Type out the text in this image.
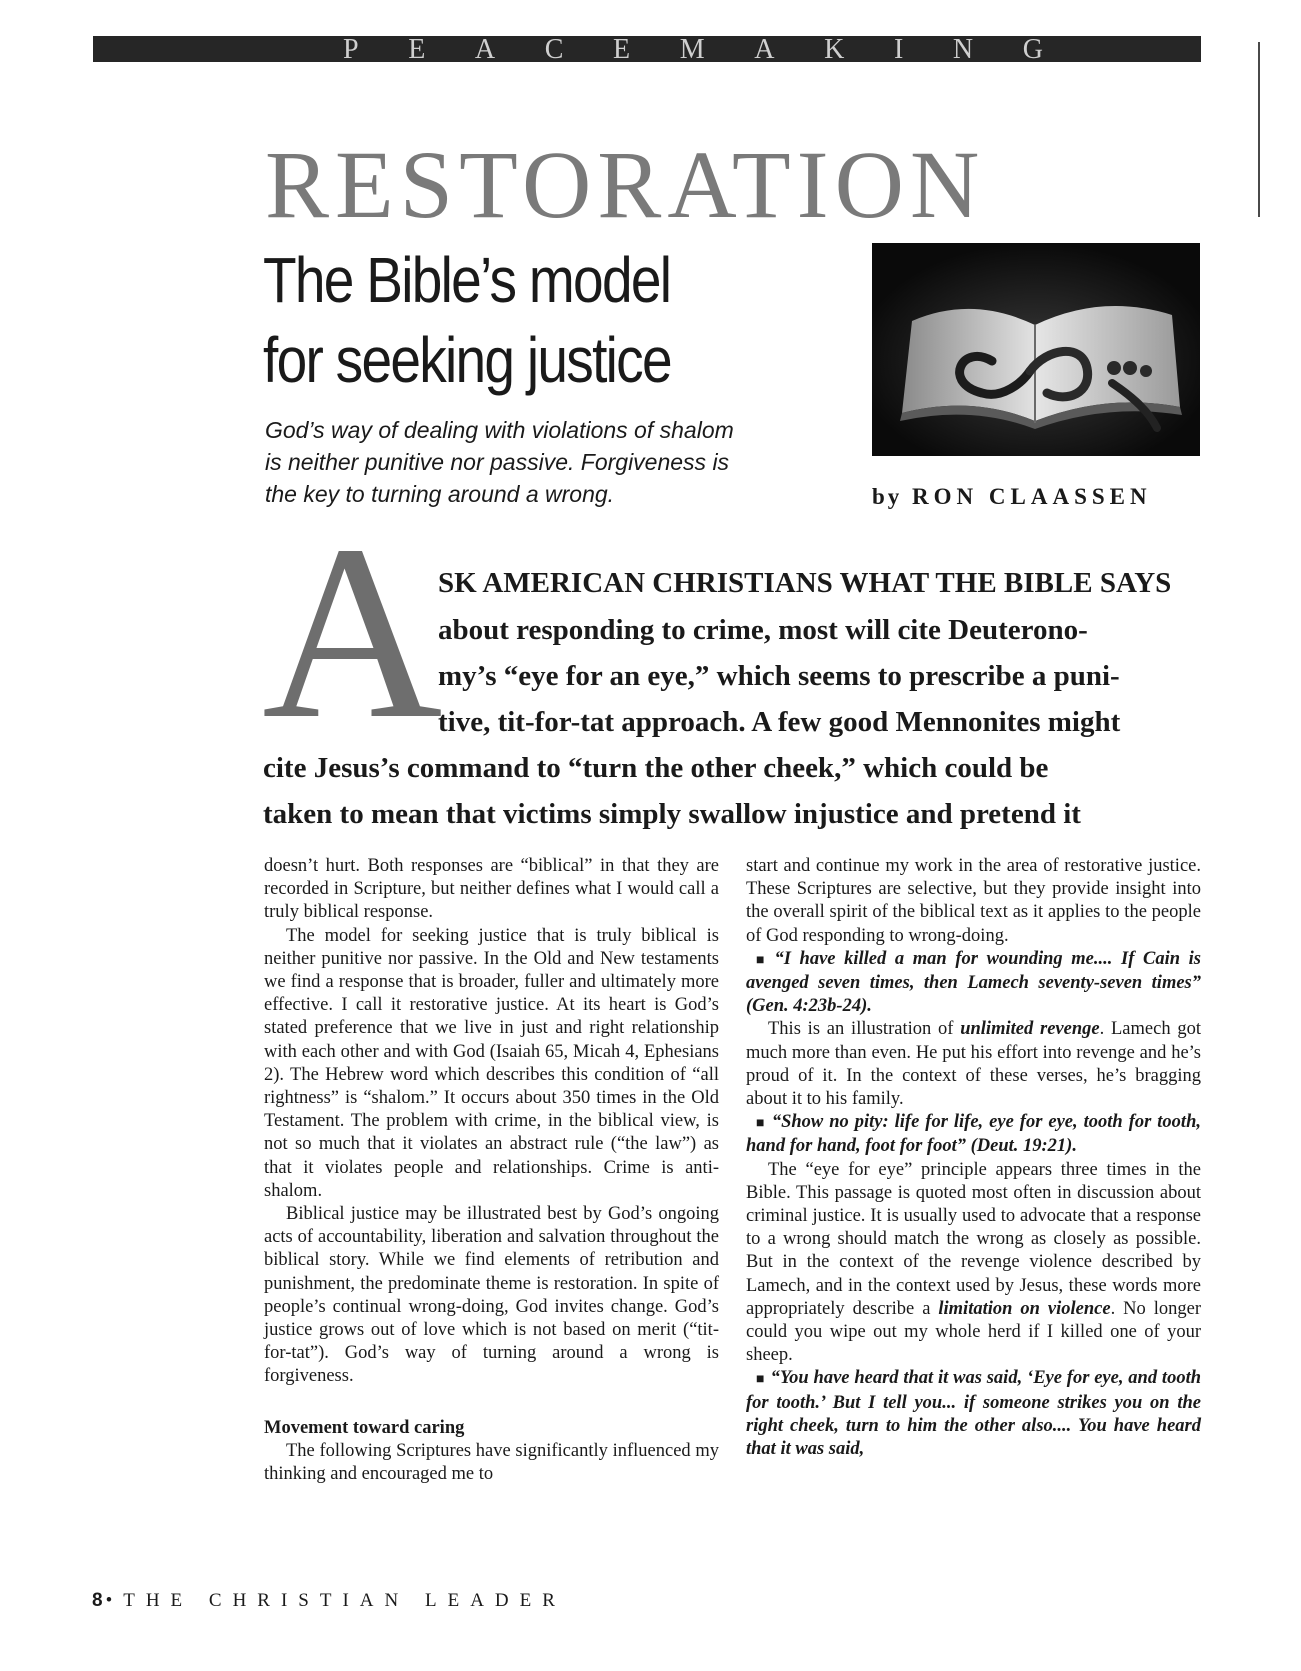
P E A C E M A K I N G
RESTORATION
The Bible’s model
for seeking justice
God’s way of dealing with violations of shalom
is neither punitive nor passive. Forgiveness is
the key to turning around a wrong.	by RON CLAASSEN
A

SK AMERICAN CHRISTIANS WHAT THE BIBLE SAYS

about responding to crime, most will cite Deuterono-

my’s “eye for an eye,” which seems to prescribe a puni-

tive, tit-for-tat approach. A few good Mennonites might

cite Jesus’s command to “turn the other cheek,” which could be

taken to mean that victims simply swallow injustice and pretend it

doesn’t hurt. Both responses are “biblical” in that they are recorded in Scripture, but neither defines what I would call a truly biblical response.

The model for seeking justice that is truly biblical is neither punitive nor passive. In the Old and New testaments we find a response that is broader, fuller and ultimately more effective. I call it restorative justice. At its heart is God’s stated preference that we live in just and right relationship with each other and with God (Isaiah 65, Micah 4, Ephesians 2). The Hebrew word which describes this condition of “all rightness” is “shalom.” It occurs about 350 times in the Old Testament. The problem with crime, in the biblical view, is not so much that it violates an abstract rule (“the law”) as that it violates people and relationships. Crime is anti-shalom.

Biblical justice may be illustrated best by God’s ongoing acts of accountability, liberation and salvation throughout the biblical story. While we find elements of retribution and punishment, the predominate theme is restoration. In spite of people’s continual wrong-doing, God invites change. God’s justice grows out of love which is not based on merit (“tit-for-tat”). God’s way of turning around a wrong is forgiveness.

Movement toward caring

The following Scriptures have significantly influenced my thinking and encouraged me to

start and continue my work in the area of restorative justice. These Scriptures are selective, but they provide insight into the overall spirit of the biblical text as it applies to the people of God responding to wrong-doing.

■ “I have killed a man for wounding me.... If Cain is avenged seven times, then Lamech seventy-seven times” (Gen. 4:23b-24).

This is an illustration of unlimited revenge. Lamech got much more than even. He put his effort into revenge and he’s proud of it. In the context of these verses, he’s bragging about it to his family.

■ “Show no pity: life for life, eye for eye, tooth for tooth, hand for hand, foot for foot” (Deut. 19:21).

The “eye for eye” principle appears three times in the Bible. This passage is quoted most often in discussion about criminal justice. It is usually used to advocate that a response to a wrong should match the wrong as closely as possible. But in the context of the revenge violence described by Lamech, and in the context used by Jesus, these words more appropriately describe a limitation on violence. No longer could you wipe out my whole herd if I killed one of your sheep.

■ “You have heard that it was said, ‘Eye for eye, and tooth for tooth.’ But I tell you... if someone strikes you on the right cheek, turn to him the other also.... You have heard that it was said,

8•THE CHRISTIAN LEADER
